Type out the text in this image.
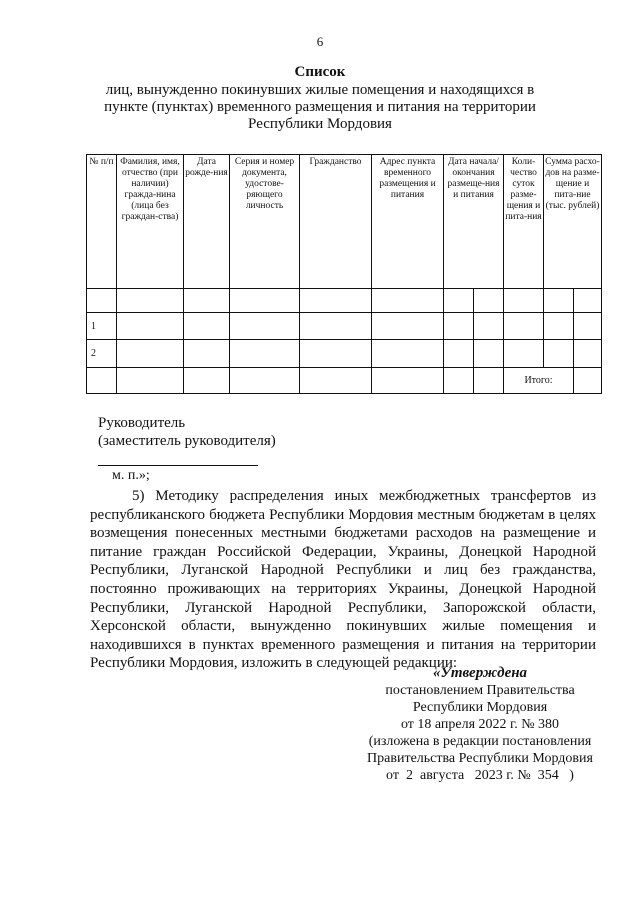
6
Список
лиц, вынужденно покинувших жилые помещения и находящихся в пункте (пунктах) временного размещения и питания на территории Республики Мордовия
№ п/п	Фамилия, имя, отчество (при наличии) гражда-нина (лица без граждан-ства)	Дата рожде-ния	Серия и номер документа, удостове-ряющего личность	Гражданство	Адрес пункта временного размещения и питания	Дата начала/ окончания размеще-ния и питания		Коли-чество суток разме-щения и пита-ния	Сумма расхо-дов на разме-щение и пита-ние (тыс. рублей)	

1										
2										
								Итого:		
Руководитель
(заместитель руководителя)
м. п.»;
5) Методику распределения иных межбюджетных трансфертов из республиканского бюджета Республики Мордовия местным бюджетам в целях возмещения понесенных местными бюджетами расходов на размещение и питание граждан Российской Федерации, Украины, Донецкой Народной Республики, Луганской Народной Республики и лиц без гражданства, постоянно проживающих на территориях Украины, Донецкой Народной Республики, Луганской Народной Республики, Запорожской области, Херсонской области, вынужденно покинувших жилые помещения и находившихся в пунктах временного размещения и питания на территории Республики Мордовия, изложить в следующей редакции:
«Утверждена
постановлением Правительства
Республики Мордовия
от 18 апреля 2022 г. № 380
(изложена в редакции постановления
Правительства Республики Мордовия
от  2  августа   2023 г. №  354   )
